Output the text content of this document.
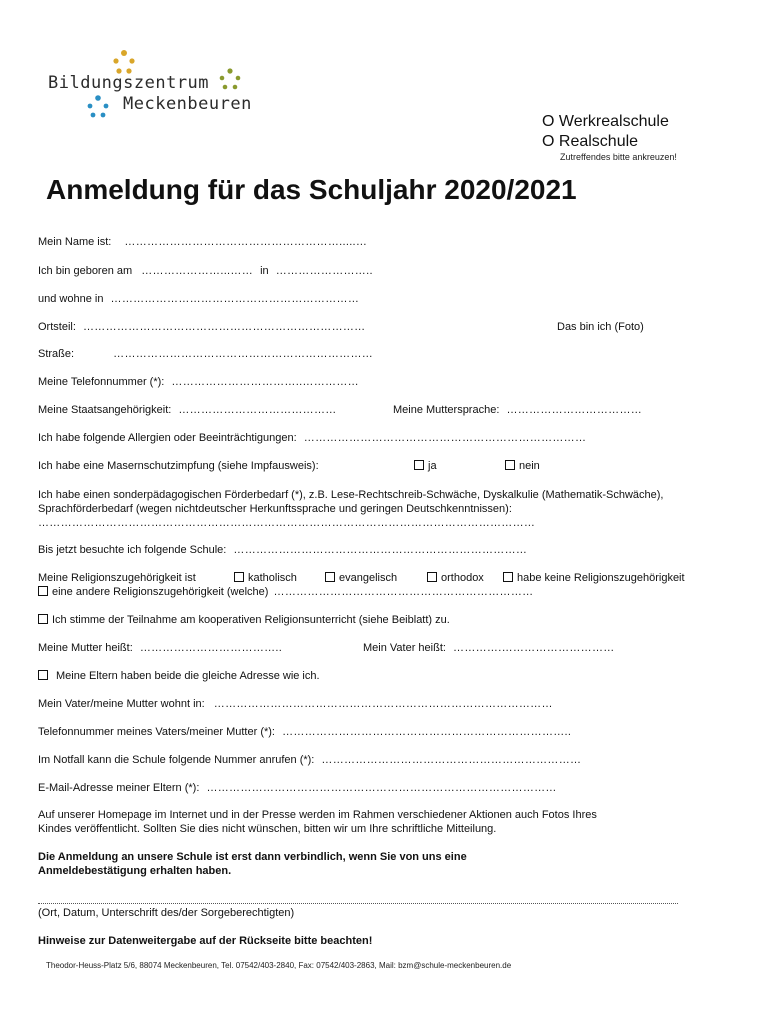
Bildungszentrum
Meckenbeuren
O Werkrealschule
O Realschule
Zutreffendes bitte ankreuzen!
Anmeldung für das Schuljahr 2020/2021
Mein Name ist: ………………………………………………….....…
Ich bin geboren am …………………...…… in ……………………..
und wohne in …………………………………………………………
Ortsteil: …………………………………………………………………	Das bin ich (Foto)
Straße:	……………………………………………………………
Meine Telefonnummer (*): ……………………………..……………
Meine Staatsangehörigkeit: ……………………………………	Meine Muttersprache: ………………………………
Ich habe folgende Allergien oder Beeinträchtigungen: …………………………………………………………………
Ich habe eine Masernschutzimpfung (siehe Impfausweis):	ja	nein
Ich habe einen sonderpädagogischen Förderbedarf (*), z.B. Lese-Rechtschreib-Schwäche, Dyskalkulie (Mathematik-Schwäche), Sprachförderbedarf (wegen nichtdeutscher Herkunftssprache und geringen Deutschkenntnissen):
……………………………………………………………………………………………………………………
Bis jetzt besuchte ich folgende Schule: ……………………………………………………………………
Meine Religionszugehörigkeit ist	katholisch	evangelisch	orthodox	habe keine Religionszugehörigkeit
eine andere Religionszugehörigkeit (welche) ……………………………………………………………
Ich stimme der Teilnahme am kooperativen Religionsunterricht (siehe Beiblatt) zu.
Meine Mutter heißt: ………………………………..	Mein Vater heißt: ………….…………………………
Meine Eltern haben beide die gleiche Adresse wie ich.
Mein Vater/meine Mutter wohnt in: ………………………………………………………………………………
Telefonnummer meines Vaters/meiner Mutter (*): …………………………………………………………………..
Im Notfall kann die Schule folgende Nummer anrufen (*): ……………………………………………………………
E-Mail-Adresse meiner Eltern (*): …………………………………………………………………………………
Auf unserer Homepage im Internet und in der Presse werden im Rahmen verschiedener Aktionen auch Fotos Ihres Kindes veröffentlicht. Sollten Sie dies nicht wünschen, bitten wir um Ihre schriftliche Mitteilung.
Die Anmeldung an unsere Schule ist erst dann verbindlich, wenn Sie von uns eine Anmeldebestätigung erhalten haben.
(Ort, Datum, Unterschrift des/der Sorgeberechtigten)
Hinweise zur Datenweitergabe auf der Rückseite bitte beachten!
Theodor-Heuss-Platz 5/6, 88074 Meckenbeuren, Tel. 07542/403-2840, Fax: 07542/403-2863, Mail: bzm@schule-meckenbeuren.de
